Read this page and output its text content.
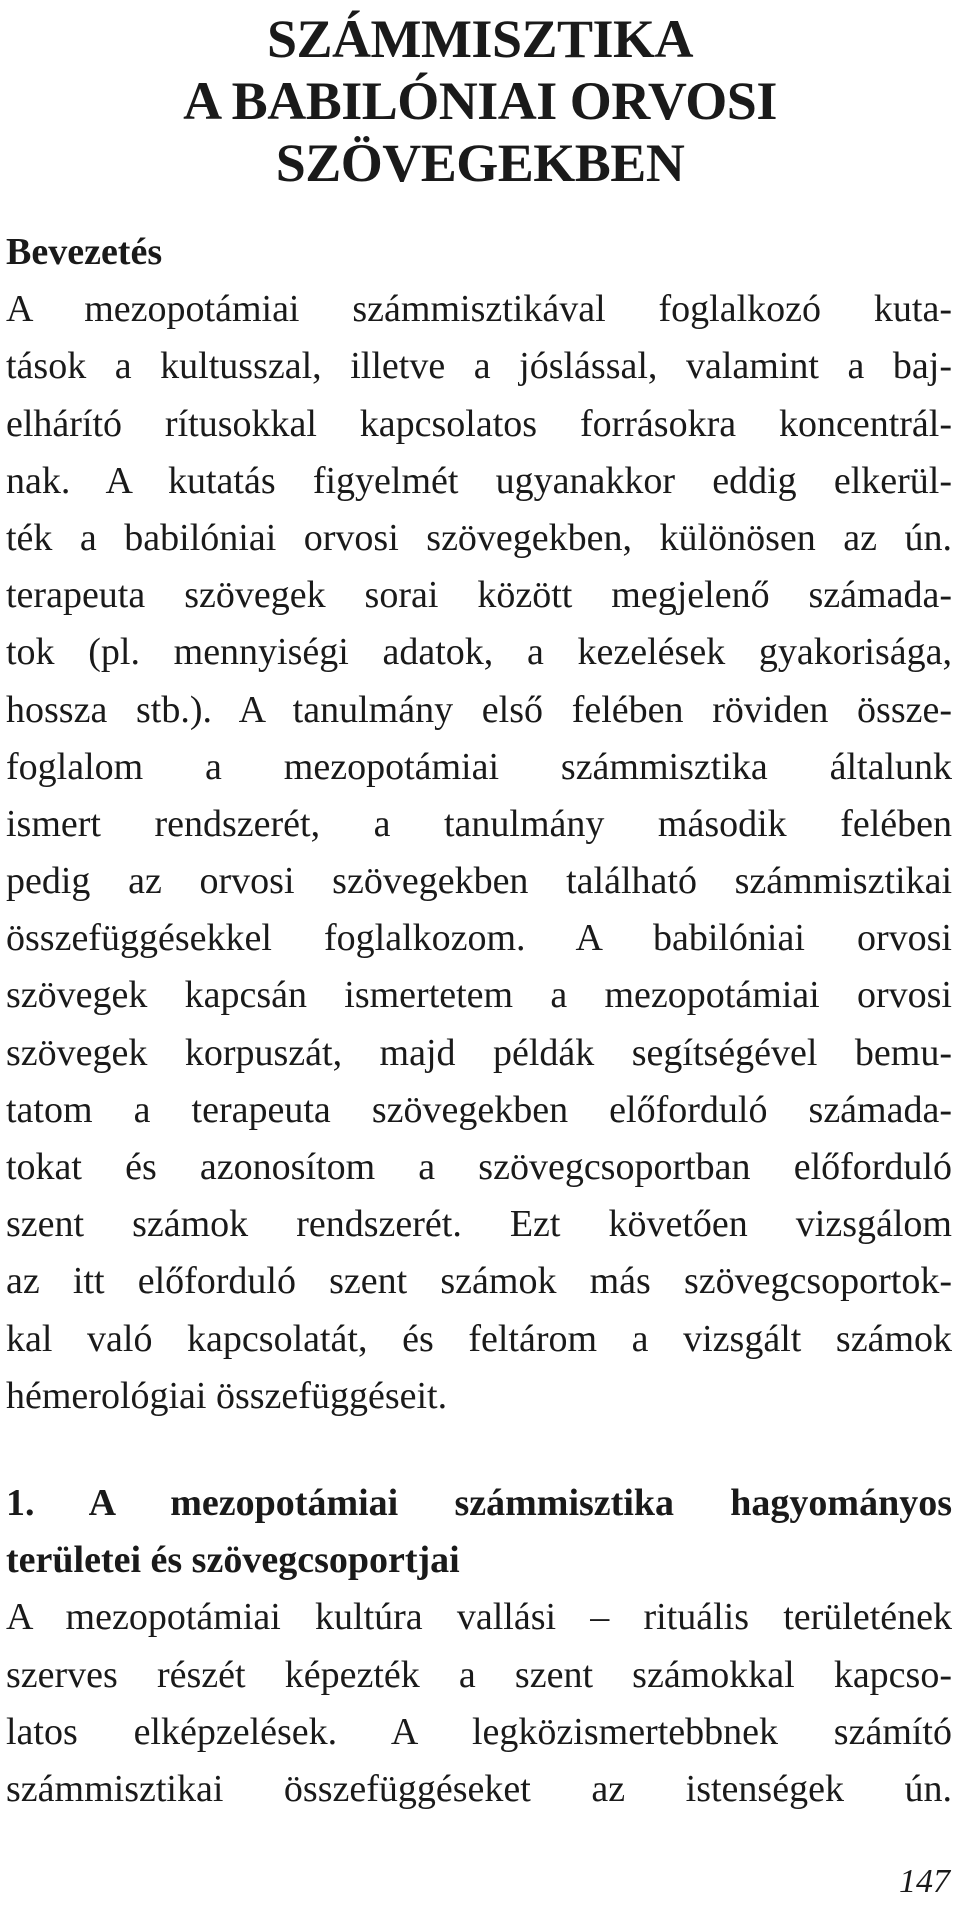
SZÁMMISZTIKA
A BABILÓNIAI ORVOSI
SZÖVEGEKBEN
Bevezetés
A mezopotámiai számmisztikával foglalkozó kuta-
tások a kultusszal, illetve a jóslással, valamint a baj-
elhárító rítusokkal kapcsolatos forrásokra koncentrál-
nak. A kutatás figyelmét ugyanakkor eddig elkerül-
ték a babilóniai orvosi szövegekben, különösen az ún.
terapeuta szövegek sorai között megjelenő számada-
tok (pl. mennyiségi adatok, a kezelések gyakorisága,
hossza stb.). A tanulmány első felében röviden össze-
foglalom a mezopotámiai számmisztika általunk
ismert rendszerét, a tanulmány második felében
pedig az orvosi szövegekben található számmisztikai
összefüggésekkel foglalkozom. A babilóniai orvosi
szövegek kapcsán ismertetem a mezopotámiai orvosi
szövegek korpuszát, majd példák segítségével bemu-
tatom a terapeuta szövegekben előforduló számada-
tokat és azonosítom a szövegcsoportban előforduló
szent számok rendszerét. Ezt követően vizsgálom
az itt előforduló szent számok más szövegcsoportok-
kal való kapcsolatát, és feltárom a vizsgált számok
hémerológiai összefüggéseit.
1. A mezopotámiai számmisztika hagyományos
területei és szövegcsoportjai
A mezopotámiai kultúra vallási – rituális területének
szerves részét képezték a szent számokkal kapcso-
latos elképzelések. A legközismertebbnek számító
számmisztikai összefüggéseket az istenségek ún.
147
